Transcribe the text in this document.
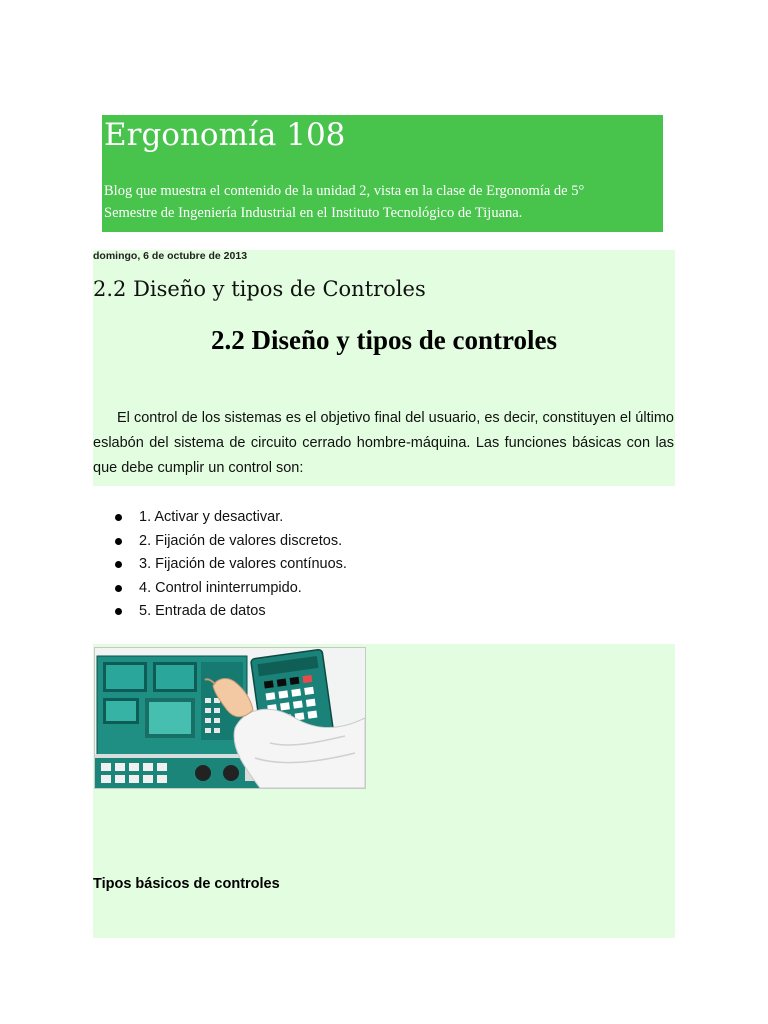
Ergonomía 108
Blog que muestra el contenido de la unidad 2, vista en la clase de Ergonomía de 5°
Semestre de Ingeniería Industrial en el Instituto Tecnológico de Tijuana.
domingo, 6 de octubre de 2013
2.2 Diseño y tipos de Controles
2.2 Diseño y tipos de controles
El control de los sistemas es el objetivo final del usuario, es decir, constituyen el último eslabón del sistema de circuito cerrado hombre-máquina. Las funciones básicas con las que debe cumplir un control son:
1. Activar y desactivar.
2. Fijación de valores discretos.
3. Fijación de valores contínuos.
4. Control ininterrumpido.
5. Entrada de datos
Tipos básicos de controles
